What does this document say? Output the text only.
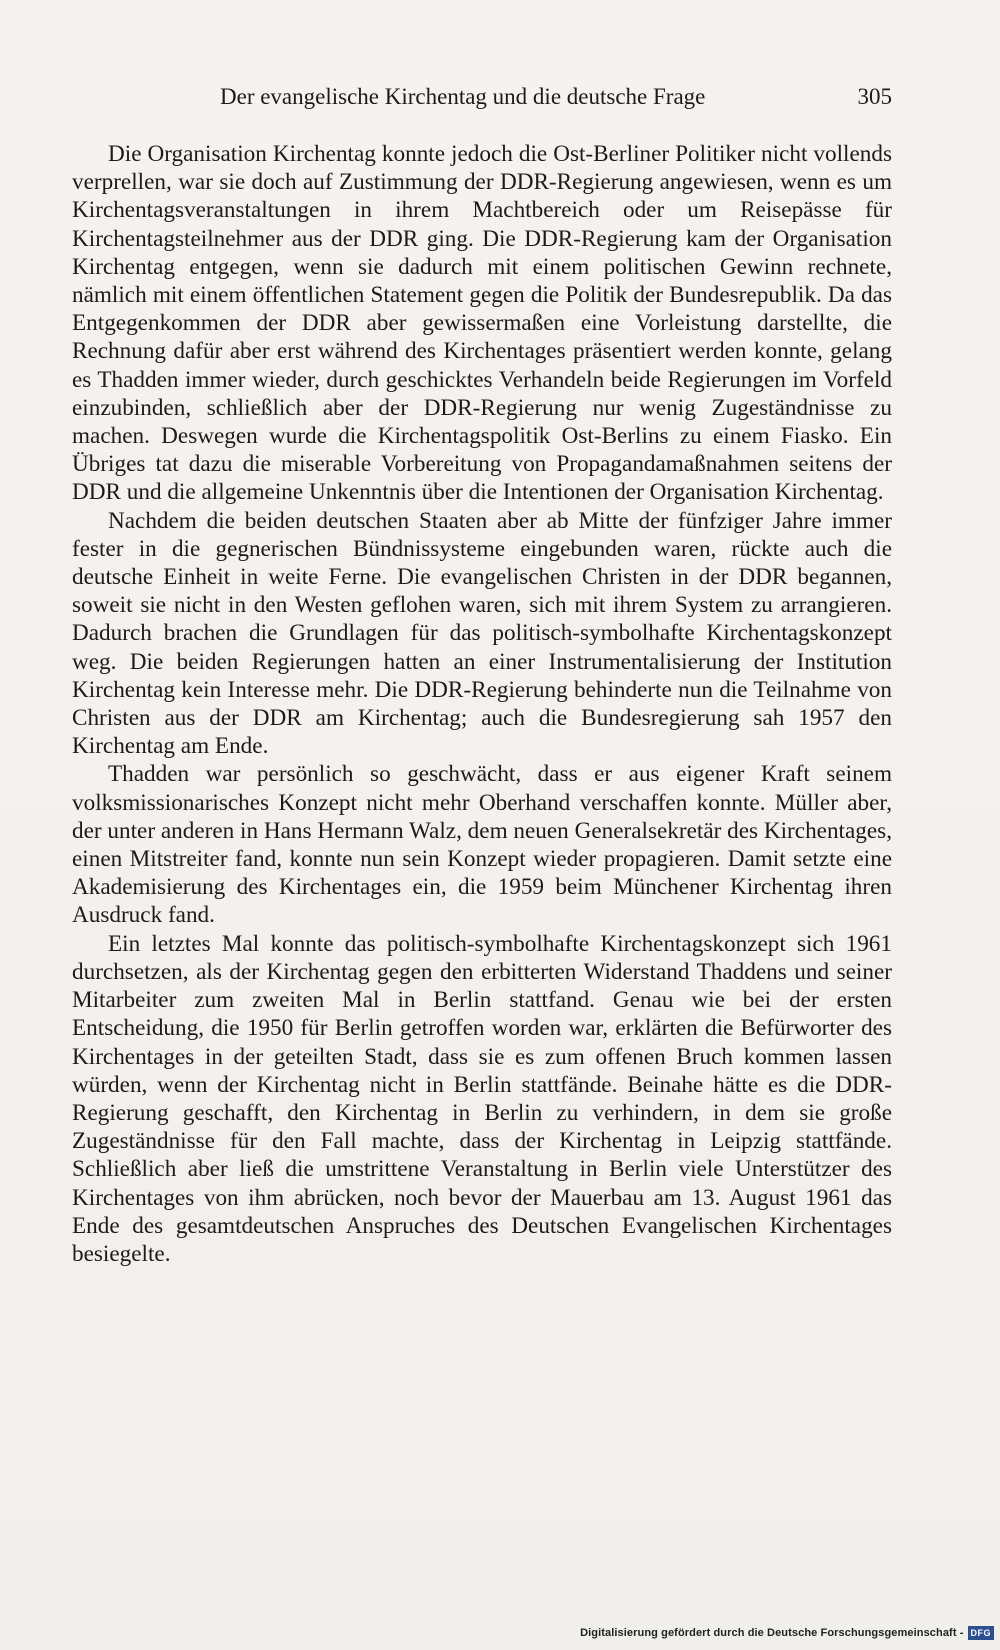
Der evangelische Kirchentag und die deutsche Frage	305

Die Organisation Kirchentag konnte jedoch die Ost-Berliner Politiker nicht vollends verprellen, war sie doch auf Zustimmung der DDR-Regierung angewiesen, wenn es um Kirchentagsveranstaltungen in ihrem Machtbereich oder um Reisepässe für Kirchentagsteilnehmer aus der DDR ging. Die DDR-Regierung kam der Organisation Kirchentag entgegen, wenn sie dadurch mit einem politischen Gewinn rechnete, nämlich mit einem öffentlichen Statement gegen die Politik der Bundesrepublik. Da das Entgegenkommen der DDR aber gewissermaßen eine Vorleistung darstellte, die Rechnung dafür aber erst während des Kirchentages präsentiert werden konnte, gelang es Thadden immer wieder, durch geschicktes Verhandeln beide Regierungen im Vorfeld einzubinden, schließlich aber der DDR-Regierung nur wenig Zugeständnisse zu machen. Deswegen wurde die Kirchentagspolitik Ost-Berlins zu einem Fiasko. Ein Übriges tat dazu die miserable Vorbereitung von Propagandamaßnahmen seitens der DDR und die allgemeine Unkenntnis über die Intentionen der Organisation Kirchentag.

Nachdem die beiden deutschen Staaten aber ab Mitte der fünfziger Jahre immer fester in die gegnerischen Bündnissysteme eingebunden waren, rückte auch die deutsche Einheit in weite Ferne. Die evangelischen Christen in der DDR begannen, soweit sie nicht in den Westen geflohen waren, sich mit ihrem System zu arrangieren. Dadurch brachen die Grundlagen für das politisch-symbolhafte Kirchentagskonzept weg. Die beiden Regierungen hatten an einer Instrumentalisierung der Institution Kirchentag kein Interesse mehr. Die DDR-Regierung behinderte nun die Teilnahme von Christen aus der DDR am Kirchentag; auch die Bundesregierung sah 1957 den Kirchentag am Ende.

Thadden war persönlich so geschwächt, dass er aus eigener Kraft seinem volksmissionarisches Konzept nicht mehr Oberhand verschaffen konnte. Müller aber, der unter anderen in Hans Hermann Walz, dem neuen Generalsekretär des Kirchentages, einen Mitstreiter fand, konnte nun sein Konzept wieder propagieren. Damit setzte eine Akademisierung des Kirchentages ein, die 1959 beim Münchener Kirchentag ihren Ausdruck fand.

Ein letztes Mal konnte das politisch-symbolhafte Kirchentagskonzept sich 1961 durchsetzen, als der Kirchentag gegen den erbitterten Widerstand Thaddens und seiner Mitarbeiter zum zweiten Mal in Berlin stattfand. Genau wie bei der ersten Entscheidung, die 1950 für Berlin getroffen worden war, erklärten die Befürworter des Kirchentages in der geteilten Stadt, dass sie es zum offenen Bruch kommen lassen würden, wenn der Kirchentag nicht in Berlin stattfände. Beinahe hätte es die DDR-Regierung geschafft, den Kirchentag in Berlin zu verhindern, in dem sie große Zugeständnisse für den Fall machte, dass der Kirchentag in Leipzig stattfände. Schließlich aber ließ die umstrittene Veranstaltung in Berlin viele Unterstützer des Kirchentages von ihm abrücken, noch bevor der Mauerbau am 13. August 1961 das Ende des gesamtdeutschen Anspruches des Deutschen Evangelischen Kirchentages besiegelte.

Digitalisierung gefördert durch die Deutsche Forschungsgemeinschaft - DFG
